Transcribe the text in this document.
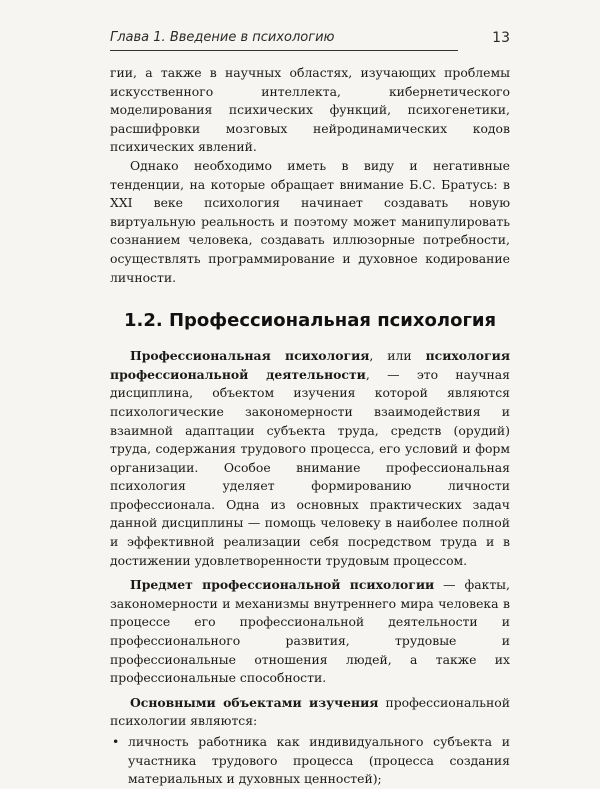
Глава 1. Введение в психологию	13

гии, а также в научных областях, изучающих проблемы искусственного интеллекта, кибернетического моделирования психических функций, психогенетики, расшифровки мозговых нейродинамических кодов психических явлений.

Однако необходимо иметь в виду и негативные тенденции, на которые обращает внимание Б.С. Братусь: в XXI веке психология начинает создавать новую виртуальную реальность и поэтому может манипулировать сознанием человека, создавать иллюзорные потребности, осуществлять программирование и духовное кодирование личности.

1.2. Профессиональная психология

Профессиональная психология, или психология профессиональной деятельности, — это научная дисциплина, объектом изучения которой являются психологические закономерности взаимодействия и взаимной адаптации субъекта труда, средств (орудий) труда, содержания трудового процесса, его условий и форм организации. Особое внимание профессиональная психология уделяет формированию личности профессионала. Одна из основных практических задач данной дисциплины — помощь человеку в наиболее полной и эффективной реализации себя посредством труда и в достижении удовлетворенности трудовым процессом.

Предмет профессиональной психологии — факты, закономерности и механизмы внутреннего мира человека в процессе его профессиональной деятельности и профессионального развития, трудовые и профессиональные отношения людей, а также их профессиональные способности.

Основными объектами изучения профессиональной психологии являются:

• личность работника как индивидуального субъекта и участника трудового процесса (процесса создания материальных и духовных ценностей);
